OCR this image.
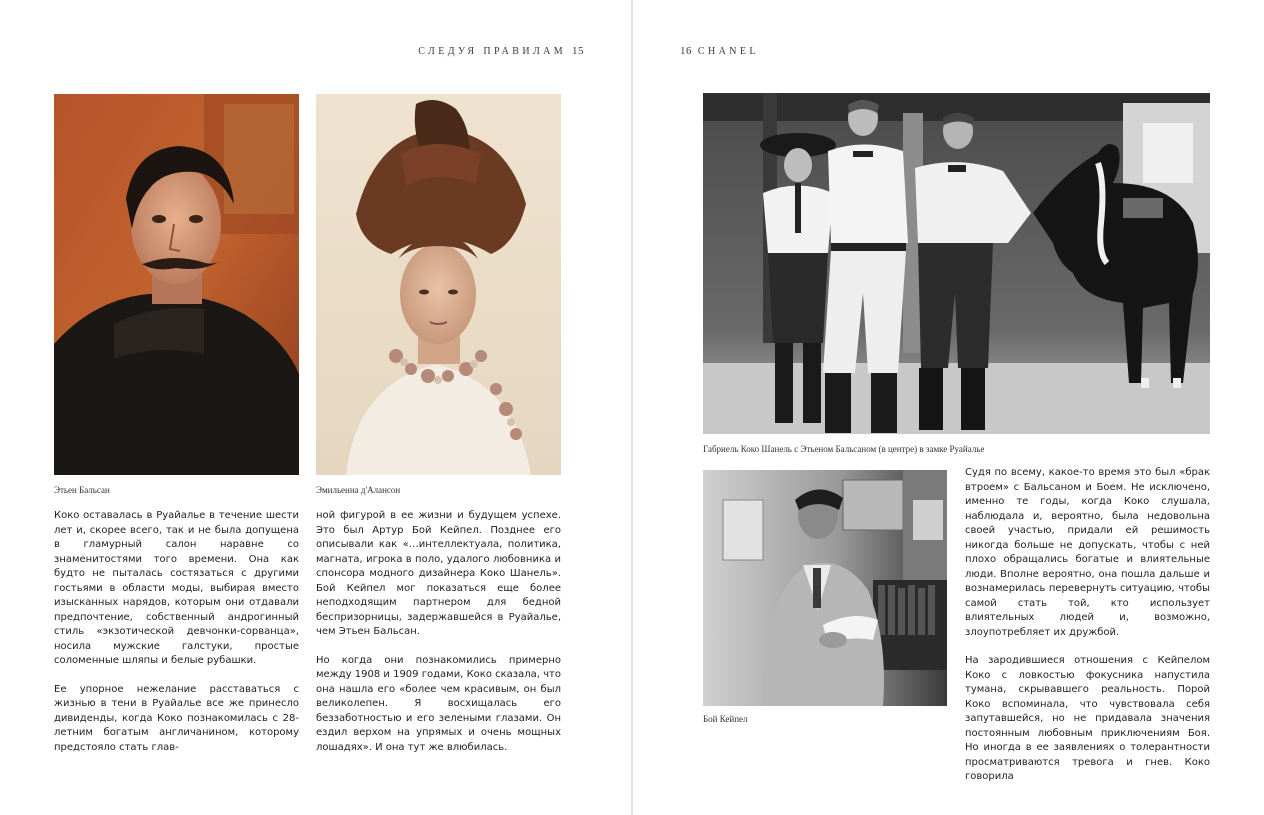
СЛЕДУЯ ПРАВИЛАМ 15
Этьен Бальсан	Эмильенна д'Алансон

Коко оставалась в Руайалье в течение шести лет и, скорее всего, так и не была допущена в гламурный салон наравне со знаменитостями того времени. Она как будто не пыталась состязаться с другими гостьями в области моды, выбирая вместо изысканных нарядов, которым они отдавали предпочтение, собственный андрогинный стиль «экзотической девчонки-сорванца», носила мужские галстуки, простые соломенные шляпы и белые рубашки.

Ее упорное нежелание расставаться с жизнью в тени в Руайалье все же принесло дивиденды, когда Коко познакомилась с 28-летним богатым англичанином, которому предстояло стать глав-

ной фигурой в ее жизни и будущем успехе. Это был Артур Бой Кейпел. Позднее его описывали как «…интеллектуала, политика, магната, игрока в поло, удалого любовника и спонсора модного дизайнера Коко Шанель». Бой Кейпел мог показаться еще более неподходящим партнером для бедной беспризорницы, задержавшейся в Руайалье, чем Этьен Бальсан.

Но когда они познакомились примерно между 1908 и 1909 годами, Коко сказала, что она нашла его «более чем красивым, он был великолепен. Я восхищалась его беззаботностью и его зелеными глазами. Он ездил верхом на упрямых и очень мощных лошадях». И она тут же влюбилась.

16 CHANEL
Габриель Коко Шанель с Этьеном Бальсаном (в центре) в замке Руайалье
Бой Кейпел

Судя по всему, какое-то время это был «брак втроем» с Бальсаном и Боем. Не исключено, именно те годы, когда Коко слушала, наблюдала и, вероятно, была недовольна своей участью, придали ей решимость никогда больше не допускать, чтобы с ней плохо обращались богатые и влиятельные люди. Вполне вероятно, она пошла дальше и вознамерилась перевернуть ситуацию, чтобы самой стать той, кто использует влиятельных людей и, возможно, злоупотребляет их дружбой.

На зародившиеся отношения с Кейпелом Коко с ловкостью фокусника напустила тумана, скрывавшего реальность. Порой Коко вспоминала, что чувствовала себя запутавшейся, но не придавала значения постоянным любовным приключениям Боя. Но иногда в ее заявлениях о толерантности просматриваются тревога и гнев. Коко говорила
